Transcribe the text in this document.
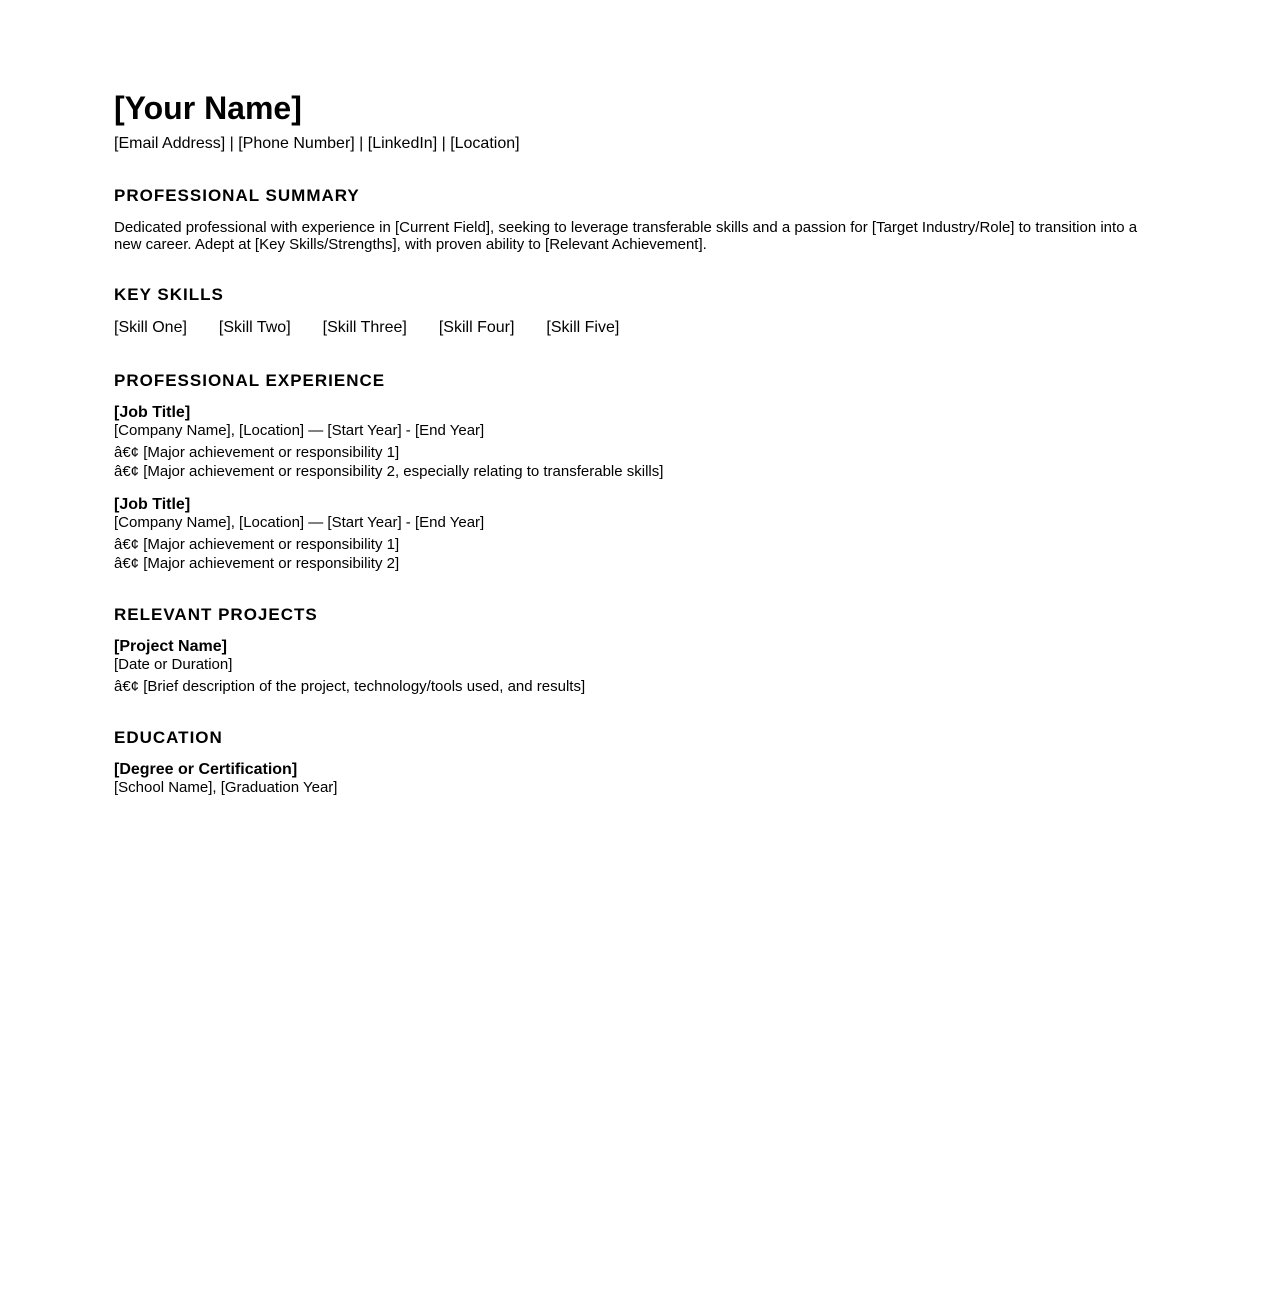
[Your Name]
[Email Address] | [Phone Number] | [LinkedIn] | [Location]
PROFESSIONAL SUMMARY
Dedicated professional with experience in [Current Field], seeking to leverage transferable skills and a passion for [Target Industry/Role] to transition into a new career. Adept at [Key Skills/Strengths], with proven ability to [Relevant Achievement].
KEY SKILLS
[Skill One] [Skill Two] [Skill Three] [Skill Four] [Skill Five]
PROFESSIONAL EXPERIENCE
[Job Title]
[Company Name], [Location] — [Start Year] - [End Year]
â€¢ [Major achievement or responsibility 1]
â€¢ [Major achievement or responsibility 2, especially relating to transferable skills]
[Job Title]
[Company Name], [Location] — [Start Year] - [End Year]
â€¢ [Major achievement or responsibility 1]
â€¢ [Major achievement or responsibility 2]
RELEVANT PROJECTS
[Project Name]
[Date or Duration]
â€¢ [Brief description of the project, technology/tools used, and results]
EDUCATION
[Degree or Certification]
[School Name], [Graduation Year]
